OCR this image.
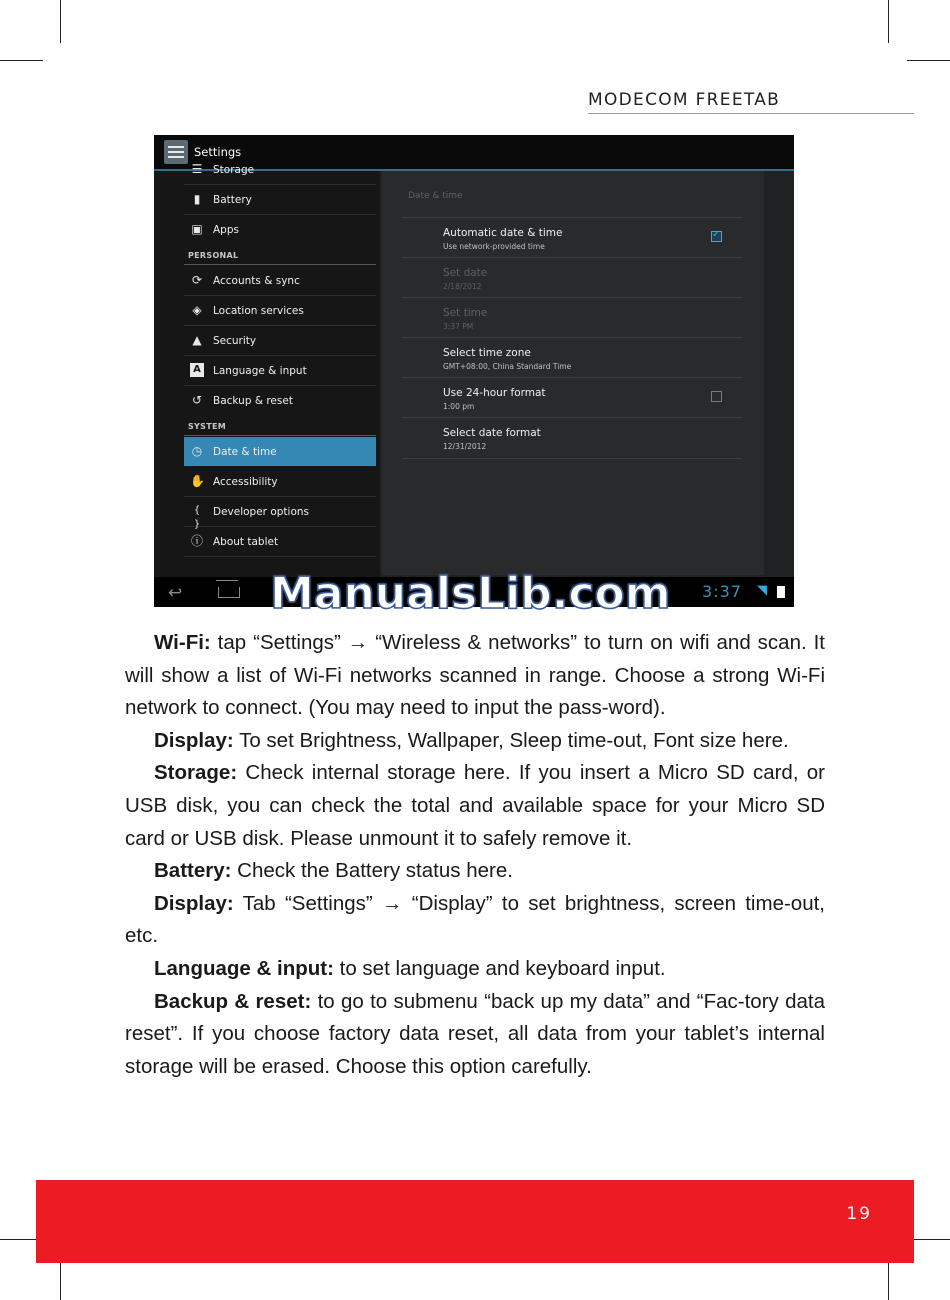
MODECOM FREETAB
Settings
☰ Storage
▮	Battery
▣ Apps
PERSONAL
⟳ Accounts & sync
◈ Location services
▲ Security
A Language & input
↺ Backup & reset
SYSTEM
◷ Date & time
✋ Accessibility
{ }
Developer options
ⓘ About tablet
Date & time
Automatic date & time
Use network-provided time
✓
Set date
2/18/2012
Set time
3:37 PM
Select time zone
GMT+08:00, China Standard Time
Use 24-hour format
1:00 pm
Select date format
12/31/2012
↩	3:37 ◥
ManualsLib.com

Wi-Fi: tap “Settings” → “Wireless & networks” to turn on wifi and scan. It will show a list of Wi-Fi networks scanned in range. Choose a strong Wi-Fi network to connect. (You may need to input the pass-word).

Display: To set Brightness, Wallpaper, Sleep time-out, Font size here.

Storage: Check internal storage here. If you insert a Micro SD card, or USB disk, you can check the total and available space for your Micro SD card or USB disk. Please unmount it to safely remove it.

Battery: Check the Battery status here.

Display: Tab “Settings” → “Display” to set brightness, screen time-out, etc.

Language & input: to set language and keyboard input.

Backup & reset: to go to submenu “back up my data” and “Fac-tory data reset”. If you choose factory data reset, all data from your tablet’s internal storage will be erased. Choose this option carefully.

19
